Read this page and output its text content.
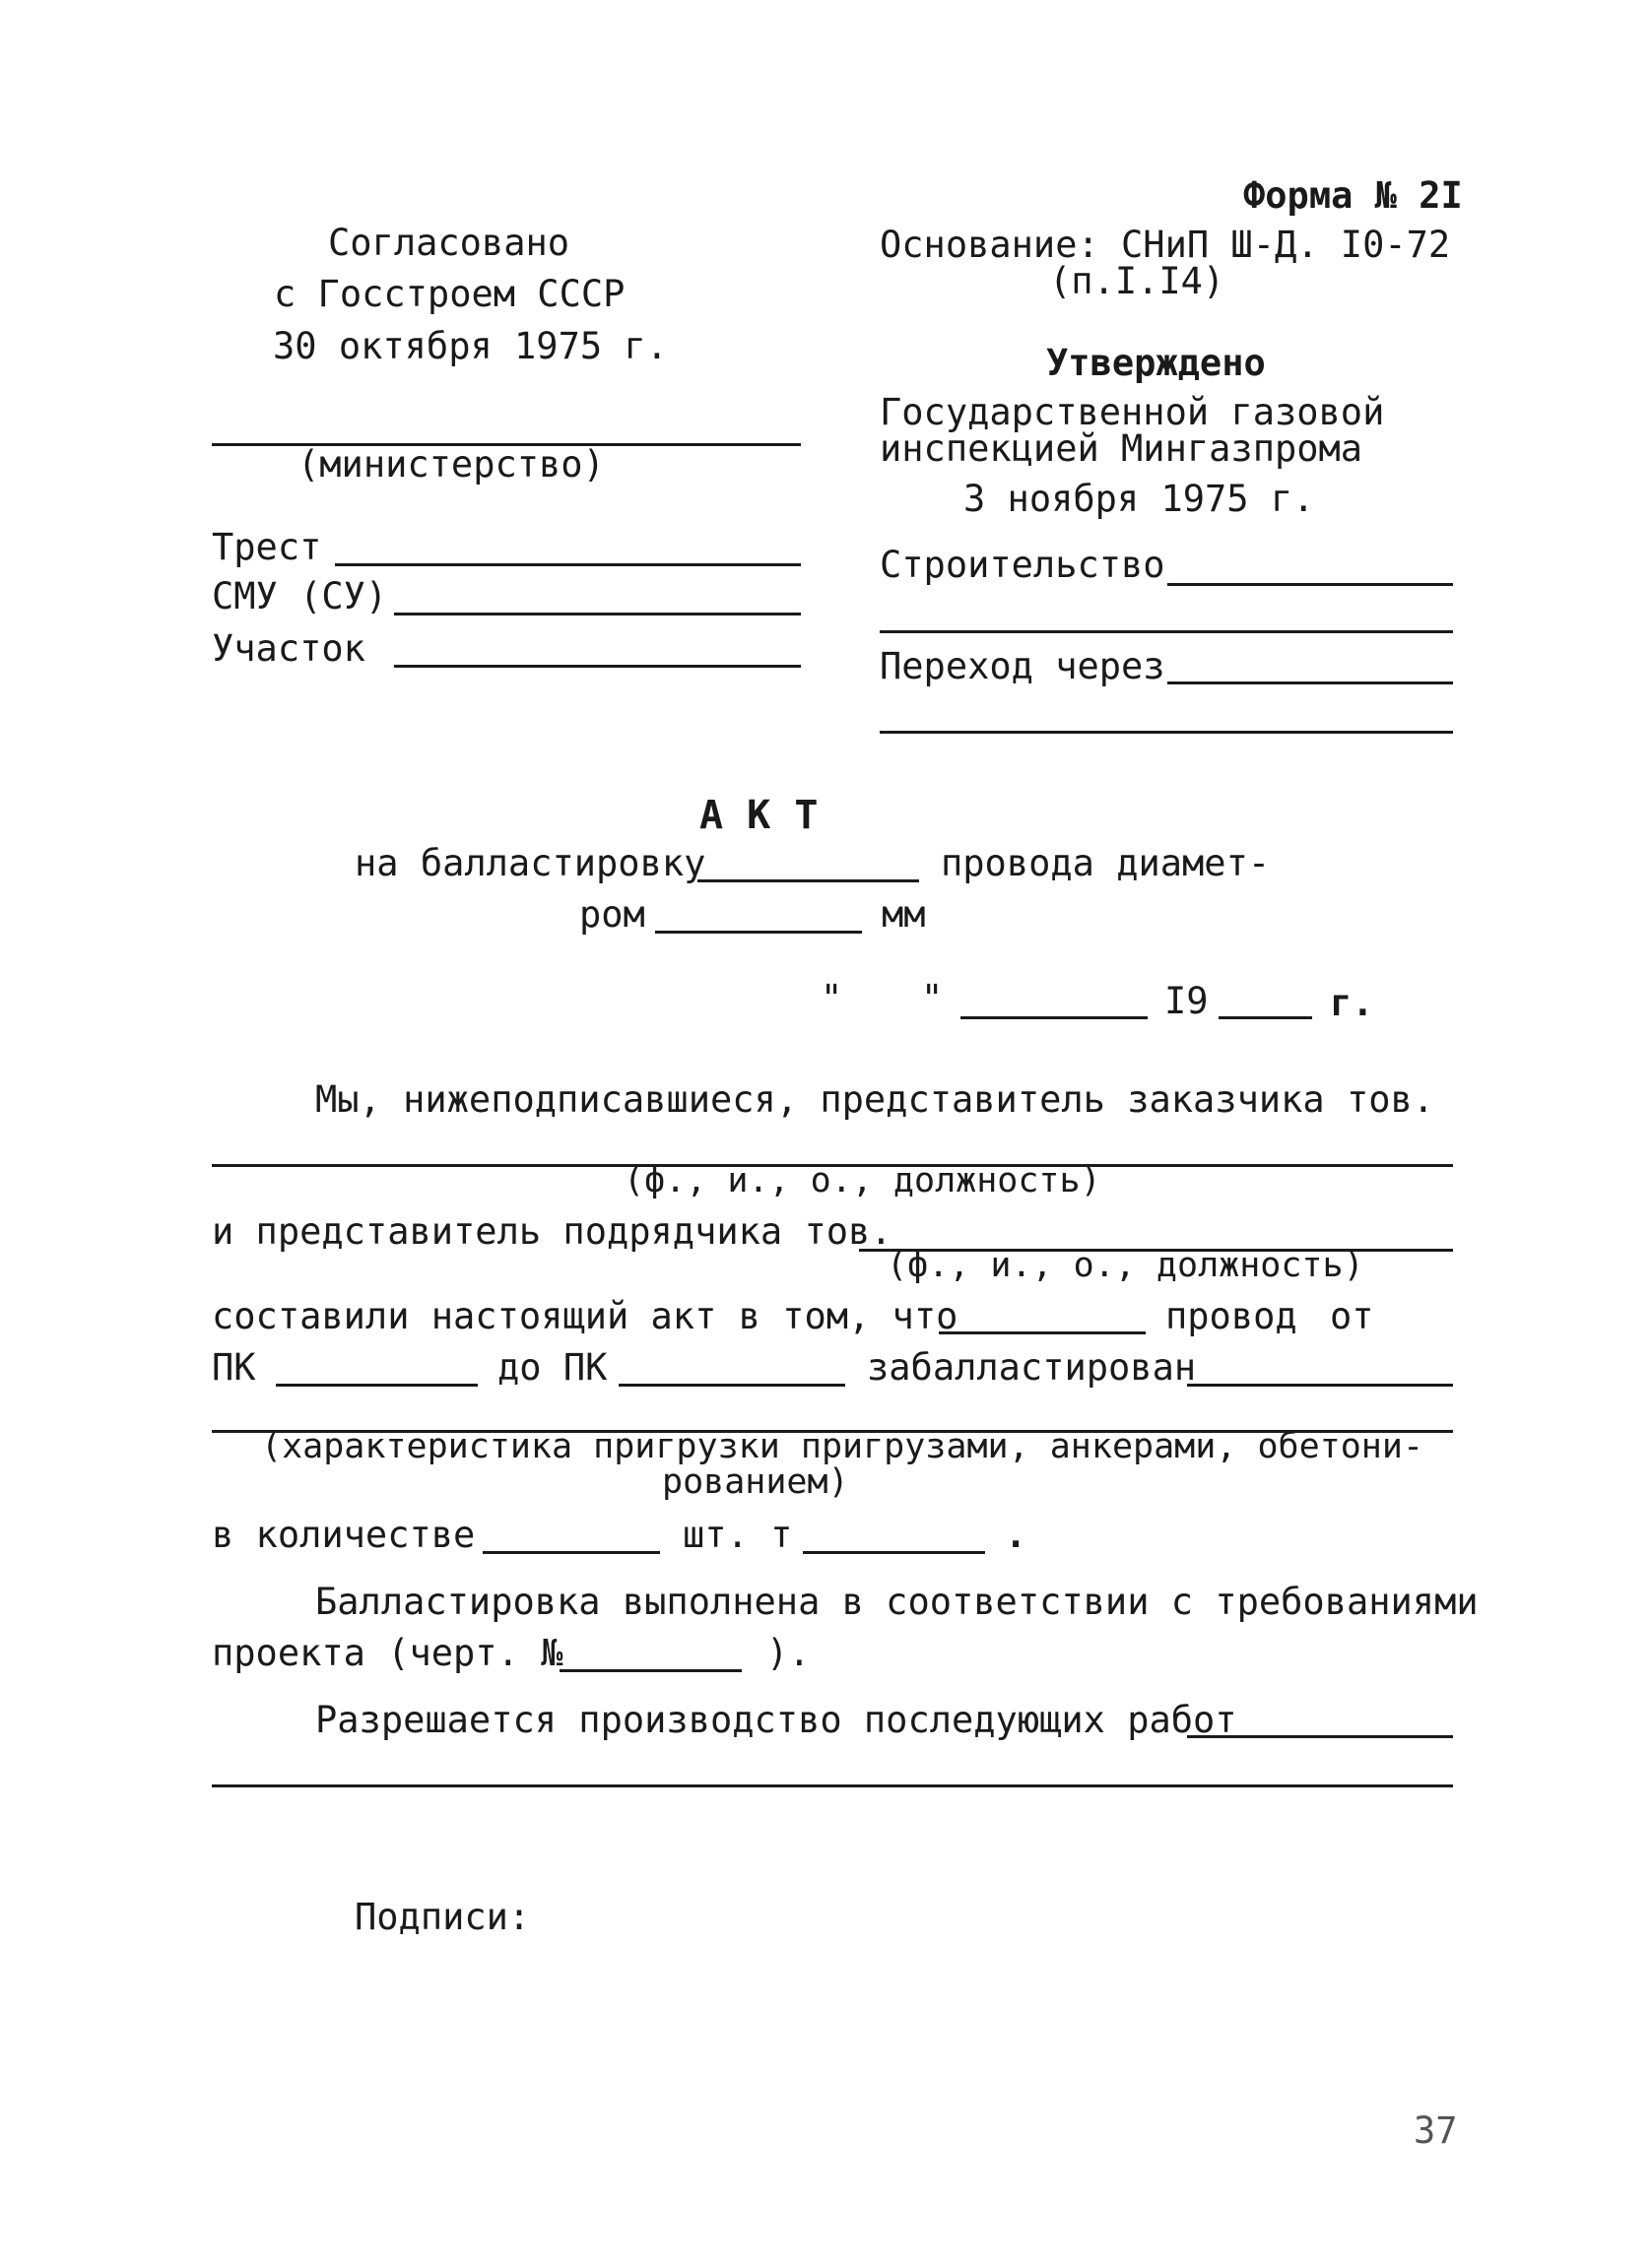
Форма № 2I
Согласовано
с Госстроем СССР
30 октября 1975 г.
(министерство)
Трест
СМУ (СУ)
Участок
Основание: СНиП Ш-Д. I0-72
(п.I.I4)
Утверждено
Государственной газовой
инспекцией Мингазпрома
3 ноября 1975 г.
Строительство
Переход через
А К Т
на балластировку	провода диамет-
ром	мм
" "	I9	г.
Мы, нижеподписавшиеся, представитель заказчика тов.
(ф., и., о., должность)
и представитель подрядчика тов.
(ф., и., о., должность)
составили настоящий акт в том, что	провод от
ПК	до ПК	забалластирован
(характеристика пригрузки пригрузами, анкерами, обетони-
рованием)
в количестве	шт. т	.
Балластировка выполнена в соответствии с требованиями
проекта (черт. №	).
Разрешается производство последующих работ
Подписи:
37
